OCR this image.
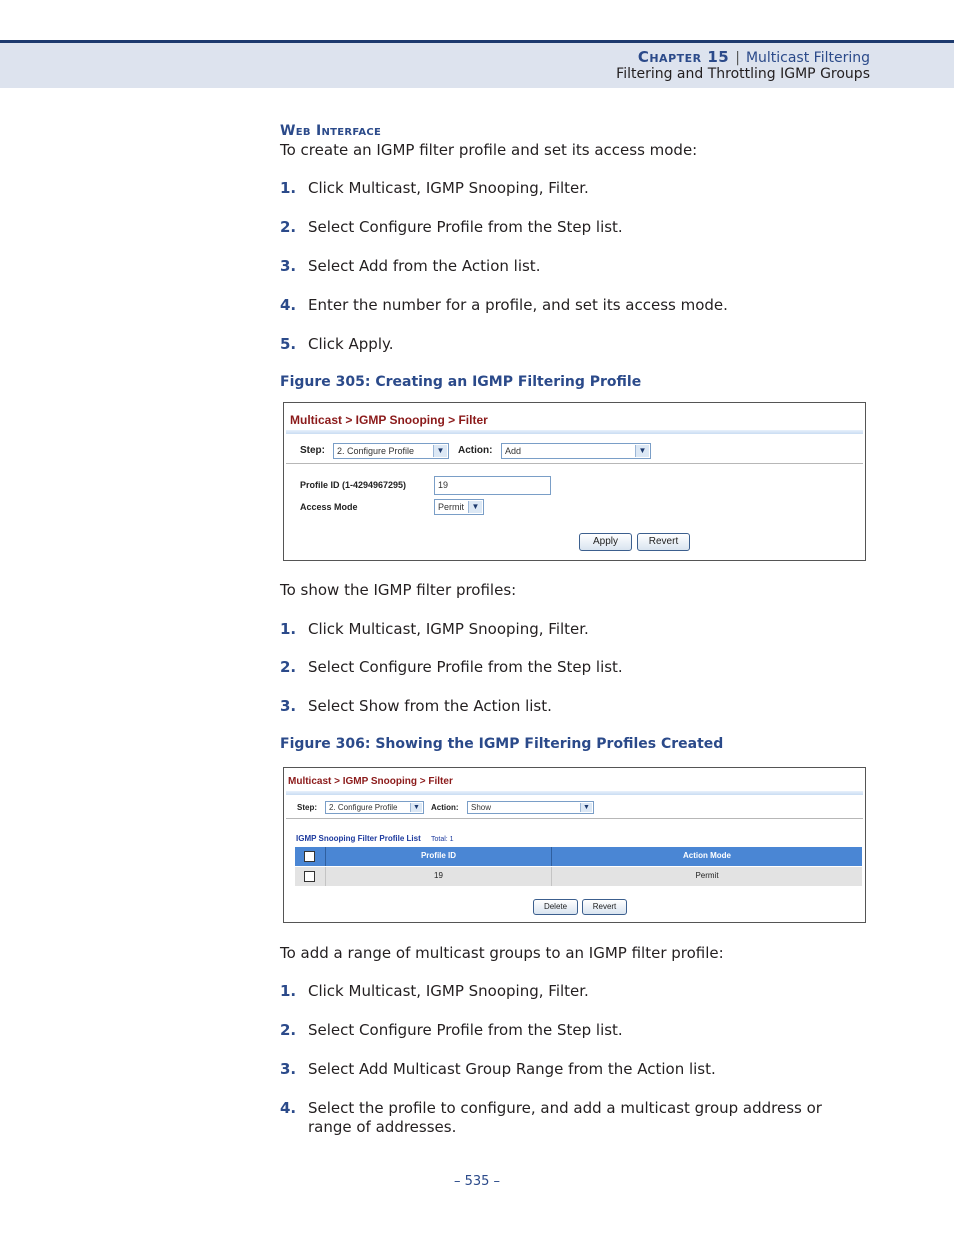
Chapter 15 | Multicast Filtering
Filtering and Throttling IGMP Groups
Web Interface
To create an IGMP filter profile and set its access mode:
1. Click Multicast, IGMP Snooping, Filter.
2. Select Configure Profile from the Step list.
3. Select Add from the Action list.
4. Enter the number for a profile, and set its access mode.
5. Click Apply.
Figure 305: Creating an IGMP Filtering Profile
Multicast > IGMP Snooping > Filter
Step:	2. Configure Profile	▼ Action:	Add	▼
Profile ID (1-4294967295)	19
Access Mode	Permit ▼
Apply	Revert
To show the IGMP filter profiles:
1. Click Multicast, IGMP Snooping, Filter.
2. Select Configure Profile from the Step list.
3. Select Show from the Action list.
Figure 306: Showing the IGMP Filtering Profiles Created
Multicast > IGMP Snooping > Filter
Step:	2. Configure Profile	▼ Action:	Show	▼
IGMP Snooping Filter Profile List Total: 1
Profile ID	Action Mode
19	Permit
Delete	Revert
To add a range of multicast groups to an IGMP filter profile:
1. Click Multicast, IGMP Snooping, Filter.
2. Select Configure Profile from the Step list.
3. Select Add Multicast Group Range from the Action list.
4. Select the profile to configure, and add a multicast group address or range of addresses.
– 535 –
